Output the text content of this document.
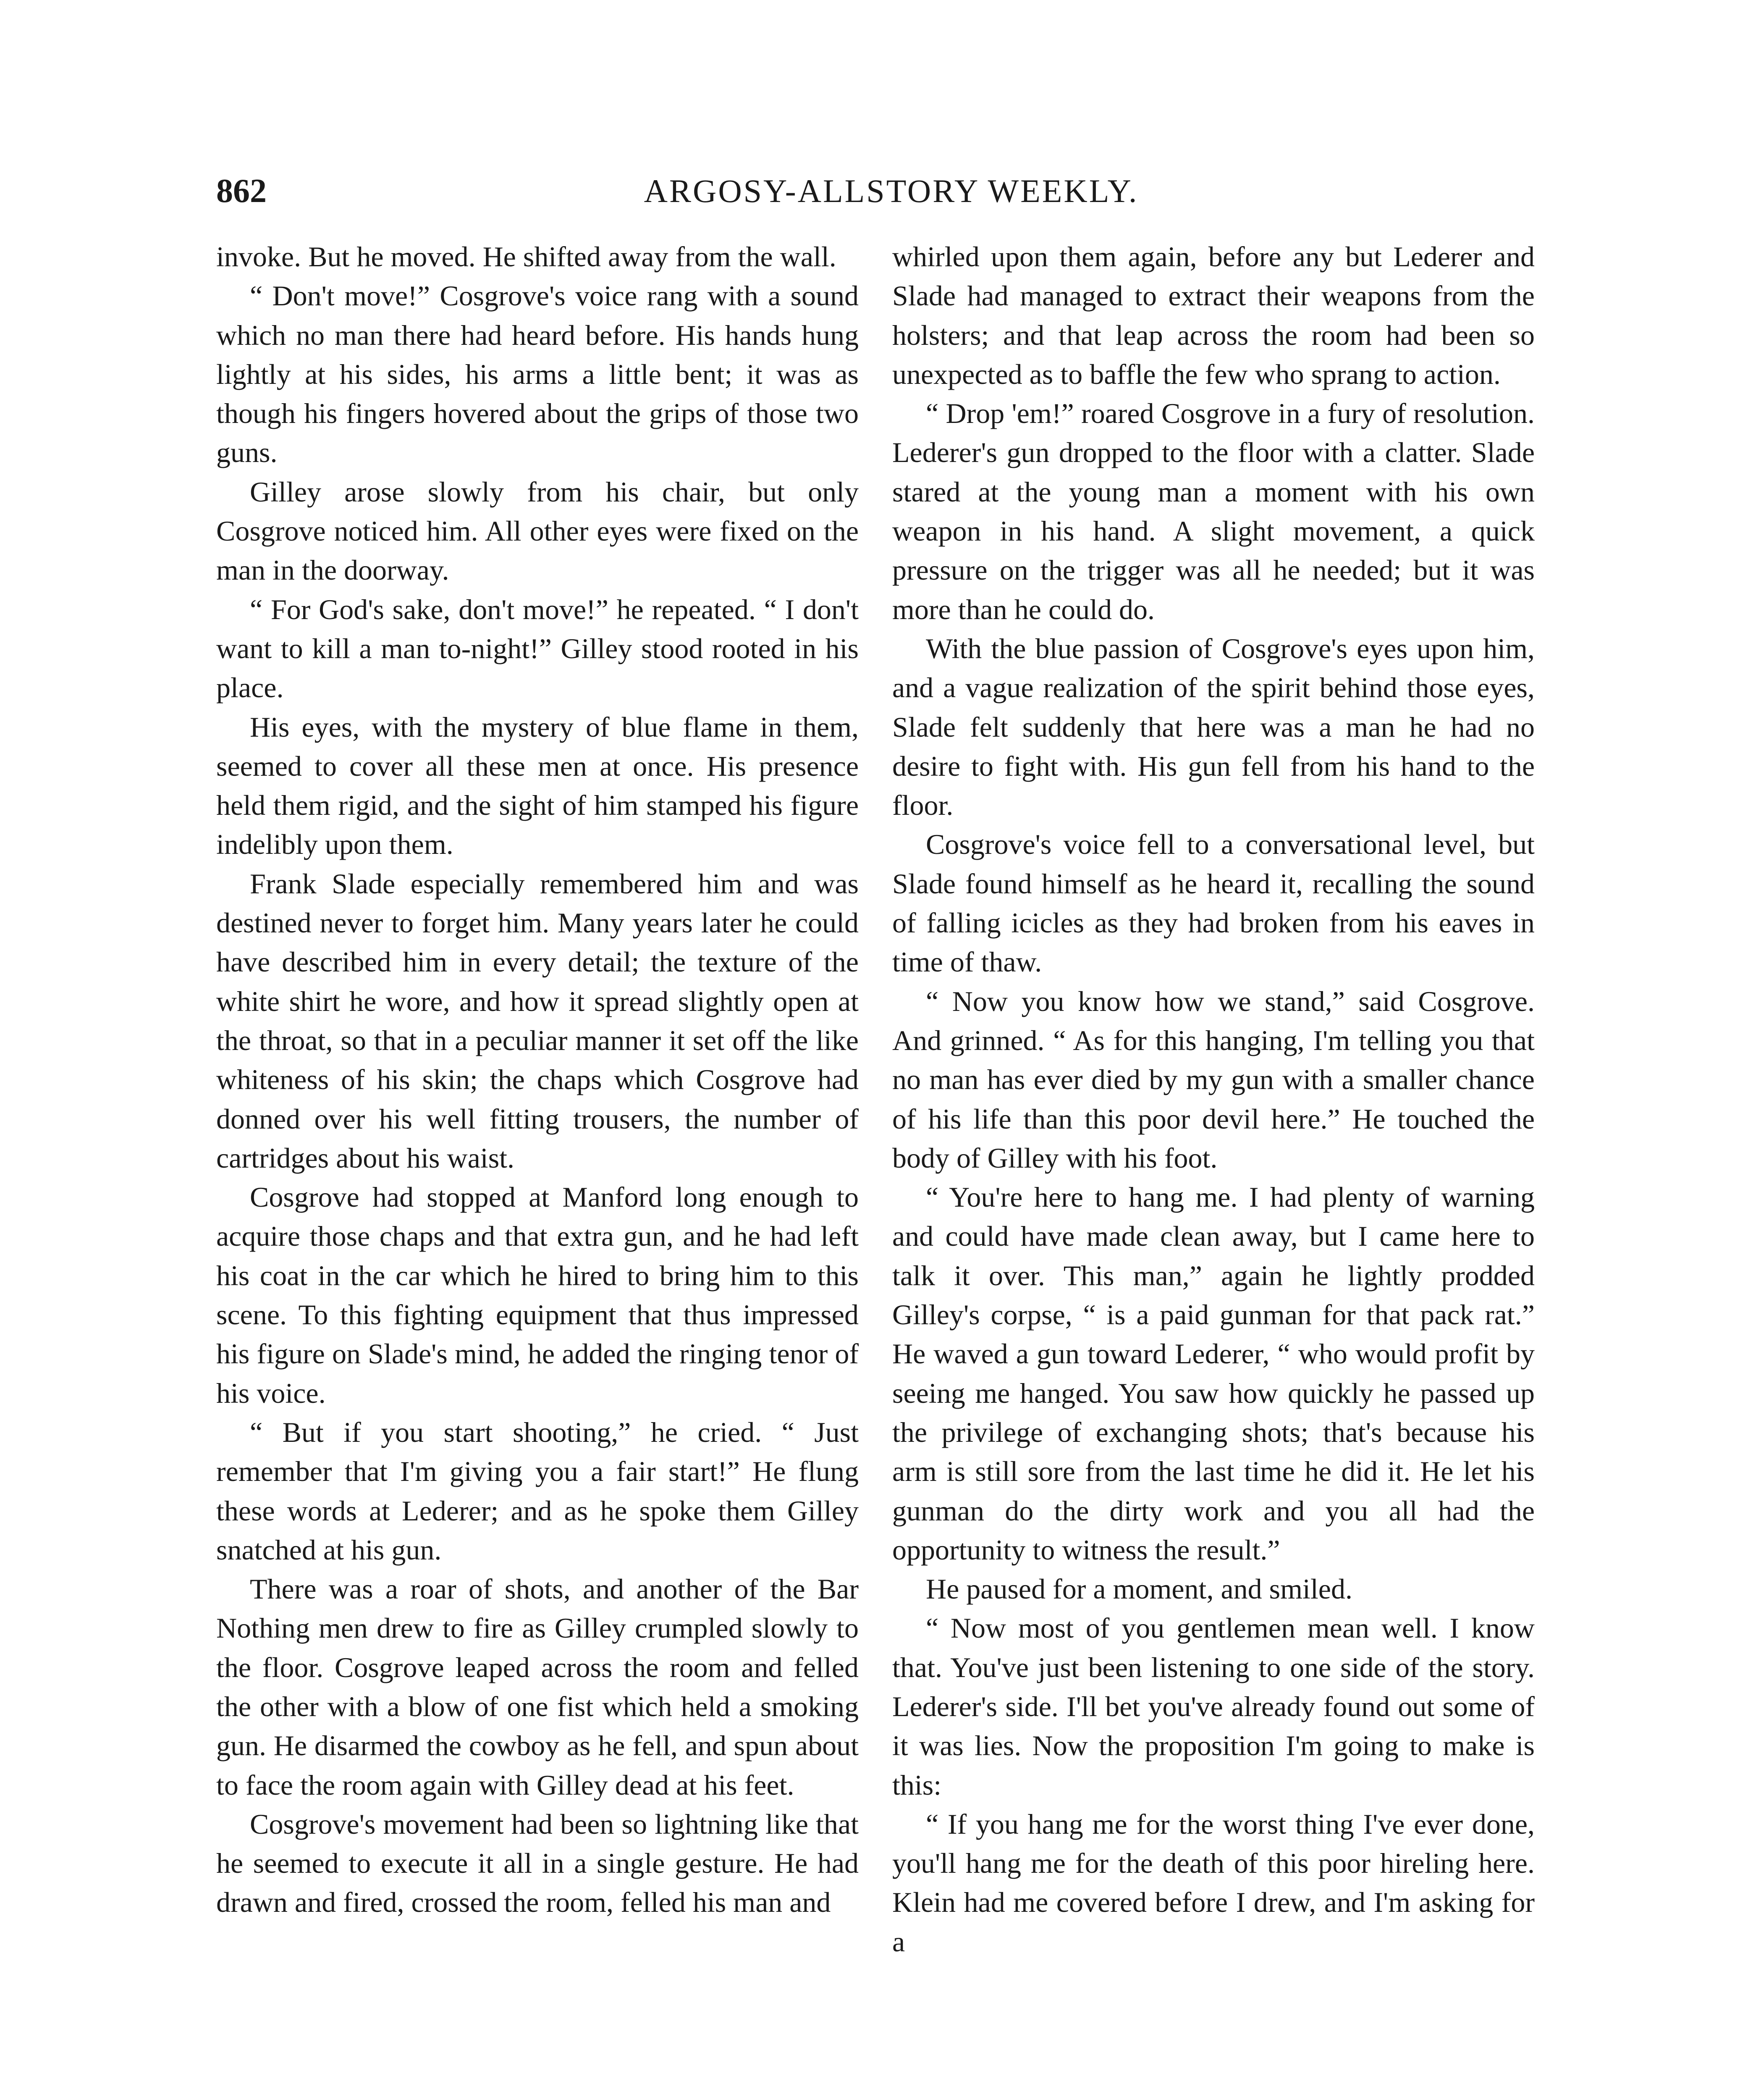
862	ARGOSY-ALLSTORY WEEKLY.

invoke. But he moved. He shifted away from the wall.

“ Don't move!” Cosgrove's voice rang with a sound which no man there had heard before. His hands hung lightly at his sides, his arms a little bent; it was as though his fingers hovered about the grips of those two guns.

Gilley arose slowly from his chair, but only Cosgrove noticed him. All other eyes were fixed on the man in the doorway.

“ For God's sake, don't move!” he repeated. “ I don't want to kill a man to-night!” Gilley stood rooted in his place.

His eyes, with the mystery of blue flame in them, seemed to cover all these men at once. His presence held them rigid, and the sight of him stamped his figure indelibly upon them.

Frank Slade especially remembered him and was destined never to forget him. Many years later he could have described him in every detail; the texture of the white shirt he wore, and how it spread slightly open at the throat, so that in a peculiar manner it set off the like whiteness of his skin; the chaps which Cosgrove had donned over his well fitting trousers, the number of cartridges about his waist.

Cosgrove had stopped at Manford long enough to acquire those chaps and that extra gun, and he had left his coat in the car which he hired to bring him to this scene. To this fighting equipment that thus impressed his figure on Slade's mind, he added the ringing tenor of his voice.

“ But if you start shooting,” he cried. “ Just remember that I'm giving you a fair start!” He flung these words at Lederer; and as he spoke them Gilley snatched at his gun.

There was a roar of shots, and another of the Bar Nothing men drew to fire as Gilley crumpled slowly to the floor. Cosgrove leaped across the room and felled the other with a blow of one fist which held a smoking gun. He disarmed the cowboy as he fell, and spun about to face the room again with Gilley dead at his feet.

Cosgrove's movement had been so lightning like that he seemed to execute it all in a single gesture. He had drawn and fired, crossed the room, felled his man and

whirled upon them again, before any but Lederer and Slade had managed to extract their weapons from the holsters; and that leap across the room had been so unexpected as to baffle the few who sprang to action.

“ Drop 'em!” roared Cosgrove in a fury of resolution. Lederer's gun dropped to the floor with a clatter. Slade stared at the young man a moment with his own weapon in his hand. A slight movement, a quick pressure on the trigger was all he needed; but it was more than he could do.

With the blue passion of Cosgrove's eyes upon him, and a vague realization of the spirit behind those eyes, Slade felt suddenly that here was a man he had no desire to fight with. His gun fell from his hand to the floor.

Cosgrove's voice fell to a conversational level, but Slade found himself as he heard it, recalling the sound of falling icicles as they had broken from his eaves in time of thaw.

“ Now you know how we stand,” said Cosgrove. And grinned. “ As for this hanging, I'm telling you that no man has ever died by my gun with a smaller chance of his life than this poor devil here.” He touched the body of Gilley with his foot.

“ You're here to hang me. I had plenty of warning and could have made clean away, but I came here to talk it over. This man,” again he lightly prodded Gilley's corpse, “ is a paid gunman for that pack rat.” He waved a gun toward Lederer, “ who would profit by seeing me hanged. You saw how quickly he passed up the privilege of exchanging shots; that's because his arm is still sore from the last time he did it. He let his gunman do the dirty work and you all had the opportunity to witness the result.”

He paused for a moment, and smiled.

“ Now most of you gentlemen mean well. I know that. You've just been listening to one side of the story. Lederer's side. I'll bet you've already found out some of it was lies. Now the proposition I'm going to make is this:

“ If you hang me for the worst thing I've ever done, you'll hang me for the death of this poor hireling here. Klein had me covered before I drew, and I'm asking for a
